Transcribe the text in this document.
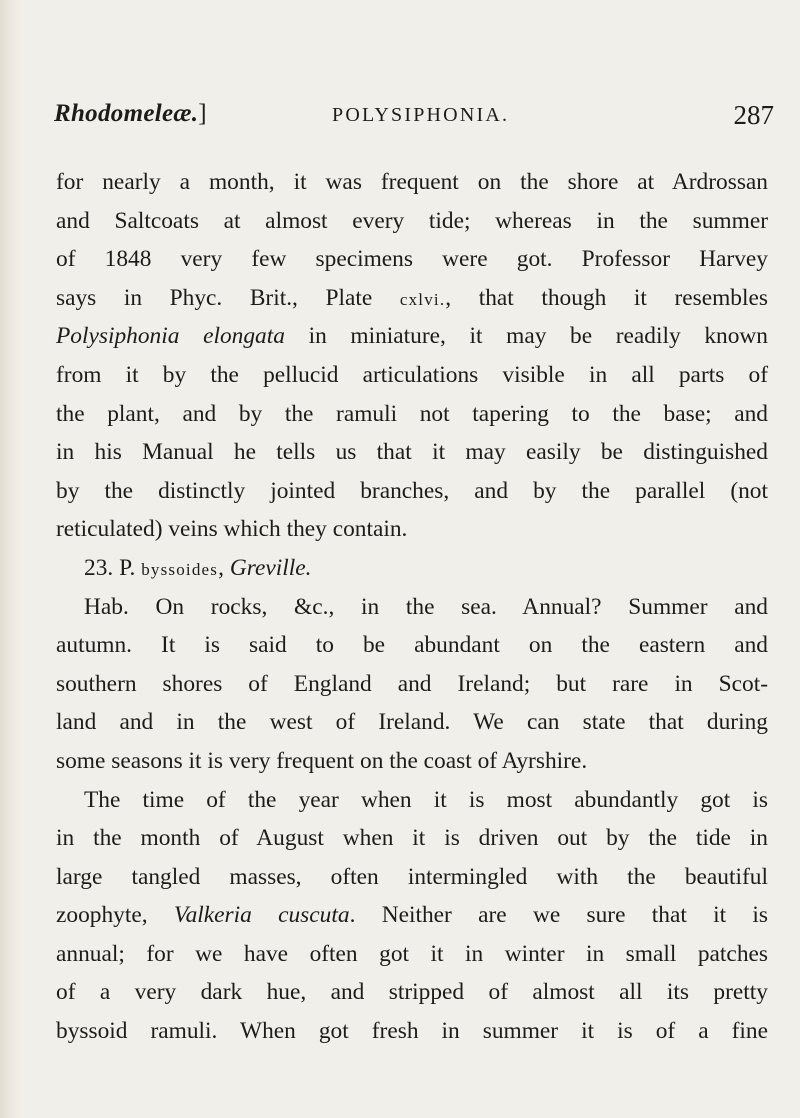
Rhodomeleæ.]	POLYSIPHONIA.	287
for nearly a month, it was frequent on the shore at Ardrossan
and Saltcoats at almost every tide; whereas in the summer
of 1848 very few specimens were got. Professor Harvey
says in Phyc. Brit., Plate cxlvi., that though it resembles
Polysiphonia elongata in miniature, it may be readily known
from it by the pellucid articulations visible in all parts of
the plant, and by the ramuli not tapering to the base; and
in his Manual he tells us that it may easily be distinguished
by the distinctly jointed branches, and by the parallel (not
reticulated) veins which they contain.
23. P. byssoides, Greville.
Hab. On rocks, &c., in the sea. Annual? Summer and
autumn. It is said to be abundant on the eastern and
southern shores of England and Ireland; but rare in Scot-
land and in the west of Ireland. We can state that during
some seasons it is very frequent on the coast of Ayrshire.
The time of the year when it is most abundantly got is
in the month of August when it is driven out by the tide in
large tangled masses, often intermingled with the beautiful
zoophyte, Valkeria cuscuta. Neither are we sure that it is
annual; for we have often got it in winter in small patches
of a very dark hue, and stripped of almost all its pretty
byssoid ramuli. When got fresh in summer it is of a fine
